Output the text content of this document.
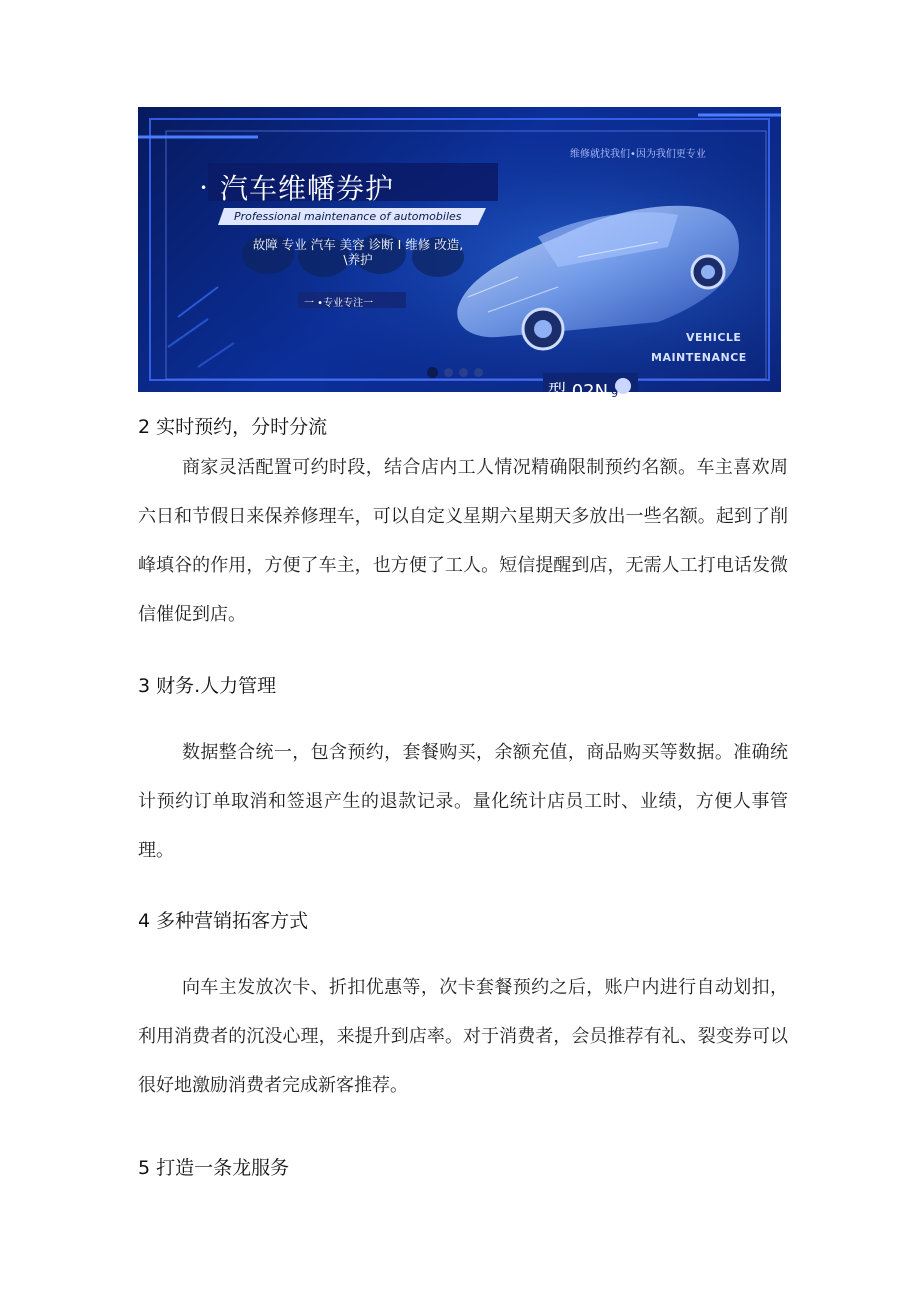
维修就找我们•因为我们更专业
• 汽车维幡券护
Professional maintenance of automobiles
故障 专业 汽车 美容 诊断 I 维修 改造, \养护
一 •专业专注一
VEHICLE
MAINTENANCE
型 02N 9
2 实时预约，分时分流

商家灵活配置可约时段，结合店内工人情况精确限制预约名额。车主喜欢周六日和节假日来保养修理车，可以自定义星期六星期天多放出一些名额。起到了削峰填谷的作用，方便了车主，也方便了工人。短信提醒到店，无需人工打电话发微信催促到店。

3 财务.人力管理

数据整合统一，包含预约，套餐购买，余额充值，商品购买等数据。准确统计预约订单取消和签退产生的退款记录。量化统计店员工时、业绩，方便人事管理。

4 多种营销拓客方式

向车主发放次卡、折扣优惠等，次卡套餐预约之后，账户内进行自动划扣，利用消费者的沉没心理，来提升到店率。对于消费者，会员推荐有礼、裂变券可以很好地激励消费者完成新客推荐。

5 打造一条龙服务
